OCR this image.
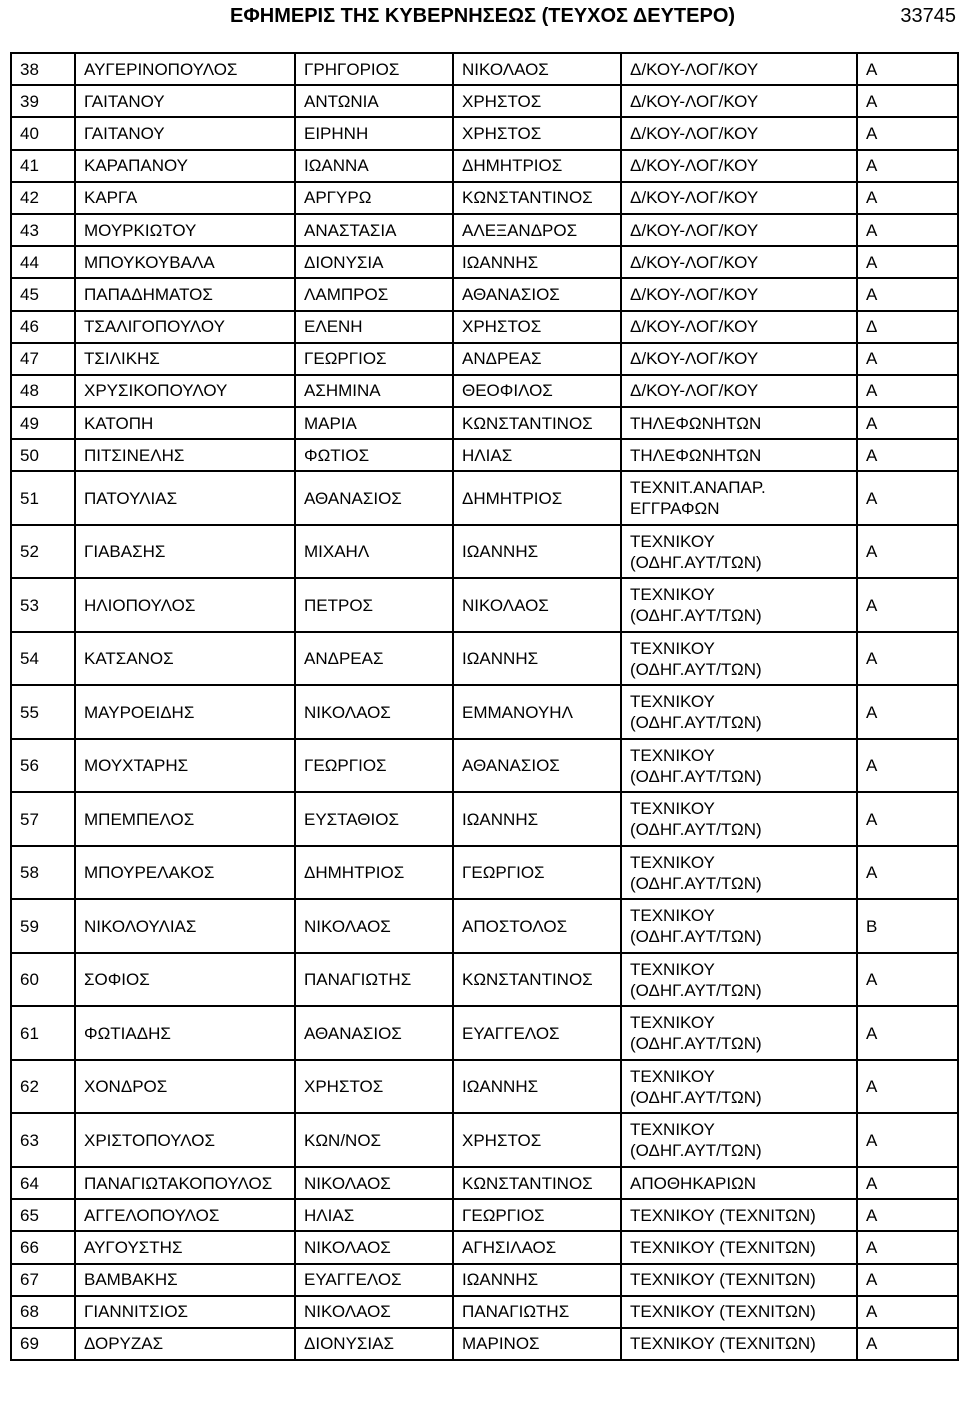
ΕΦΗΜΕΡΙΣ ΤΗΣ ΚΥΒΕΡΝΗΣΕΩΣ (ΤΕΥΧΟΣ ΔΕΥΤΕΡΟ)	33745
38	ΑΥΓΕΡΙΝΟΠΟΥΛΟΣ	ΓΡΗΓΟΡΙΟΣ	ΝΙΚΟΛΑΟΣ	Δ/ΚΟΥ-ΛΟΓ/ΚΟΥ	Α
39	ΓΑΙΤΑΝΟΥ	ΑΝΤΩΝΙΑ	ΧΡΗΣΤΟΣ	Δ/ΚΟΥ-ΛΟΓ/ΚΟΥ	Α
40	ΓΑΙΤΑΝΟΥ	ΕΙΡΗΝΗ	ΧΡΗΣΤΟΣ	Δ/ΚΟΥ-ΛΟΓ/ΚΟΥ	Α
41	ΚΑΡΑΠΑΝΟΥ	ΙΩΑΝΝΑ	ΔΗΜΗΤΡΙΟΣ	Δ/ΚΟΥ-ΛΟΓ/ΚΟΥ	Α
42	ΚΑΡΓΑ	ΑΡΓΥΡΩ	ΚΩΝΣΤΑΝΤΙΝΟΣ	Δ/ΚΟΥ-ΛΟΓ/ΚΟΥ	Α
43	ΜΟΥΡΚΙΩΤΟΥ	ΑΝΑΣΤΑΣΙΑ	ΑΛΕΞΑΝΔΡΟΣ	Δ/ΚΟΥ-ΛΟΓ/ΚΟΥ	Α
44	ΜΠΟΥΚΟΥΒΑΛΑ	ΔΙΟΝΥΣΙΑ	ΙΩΑΝΝΗΣ	Δ/ΚΟΥ-ΛΟΓ/ΚΟΥ	Α
45	ΠΑΠΑΔΗΜΑΤΟΣ	ΛΑΜΠΡΟΣ	ΑΘΑΝΑΣΙΟΣ	Δ/ΚΟΥ-ΛΟΓ/ΚΟΥ	Α
46	ΤΣΑΛΙΓΟΠΟΥΛΟΥ	ΕΛΕΝΗ	ΧΡΗΣΤΟΣ	Δ/ΚΟΥ-ΛΟΓ/ΚΟΥ	Δ
47	ΤΣΙΛΙΚΗΣ	ΓΕΩΡΓΙΟΣ	ΑΝΔΡΕΑΣ	Δ/ΚΟΥ-ΛΟΓ/ΚΟΥ	Α
48	ΧΡΥΣΙΚΟΠΟΥΛΟΥ	ΑΣΗΜΙΝΑ	ΘΕΟΦΙΛΟΣ	Δ/ΚΟΥ-ΛΟΓ/ΚΟΥ	Α
49	ΚΑΤΟΠΗ	ΜΑΡΙΑ	ΚΩΝΣΤΑΝΤΙΝΟΣ	ΤΗΛΕΦΩΝΗΤΩΝ	Α
50	ΠΙΤΣΙΝΕΛΗΣ	ΦΩΤΙΟΣ	ΗΛΙΑΣ	ΤΗΛΕΦΩΝΗΤΩΝ	Α
51	ΠΑΤΟΥΛΙΑΣ	ΑΘΑΝΑΣΙΟΣ	ΔΗΜΗΤΡΙΟΣ	ΤΕΧΝΙΤ.ΑΝΑΠΑΡ.
ΕΓΓΡΑΦΩΝ	Α
52	ΓΙΑΒΑΣΗΣ	ΜΙΧΑΗΛ	ΙΩΑΝΝΗΣ	ΤΕΧΝΙΚΟΥ
(ΟΔΗΓ.ΑΥΤ/ΤΩΝ)	Α
53	ΗΛΙΟΠΟΥΛΟΣ	ΠΕΤΡΟΣ	ΝΙΚΟΛΑΟΣ	ΤΕΧΝΙΚΟΥ
(ΟΔΗΓ.ΑΥΤ/ΤΩΝ)	Α
54	ΚΑΤΣΑΝΟΣ	ΑΝΔΡΕΑΣ	ΙΩΑΝΝΗΣ	ΤΕΧΝΙΚΟΥ
(ΟΔΗΓ.ΑΥΤ/ΤΩΝ)	Α
55	ΜΑΥΡΟΕΙΔΗΣ	ΝΙΚΟΛΑΟΣ	ΕΜΜΑΝΟΥΗΛ	ΤΕΧΝΙΚΟΥ
(ΟΔΗΓ.ΑΥΤ/ΤΩΝ)	Α
56	ΜΟΥΧΤΑΡΗΣ	ΓΕΩΡΓΙΟΣ	ΑΘΑΝΑΣΙΟΣ	ΤΕΧΝΙΚΟΥ
(ΟΔΗΓ.ΑΥΤ/ΤΩΝ)	Α
57	ΜΠΕΜΠΕΛΟΣ	ΕΥΣΤΑΘΙΟΣ	ΙΩΑΝΝΗΣ	ΤΕΧΝΙΚΟΥ
(ΟΔΗΓ.ΑΥΤ/ΤΩΝ)	Α
58	ΜΠΟΥΡΕΛΑΚΟΣ	ΔΗΜΗΤΡΙΟΣ	ΓΕΩΡΓΙΟΣ	ΤΕΧΝΙΚΟΥ
(ΟΔΗΓ.ΑΥΤ/ΤΩΝ)	Α
59	ΝΙΚΟΛΟΥΛΙΑΣ	ΝΙΚΟΛΑΟΣ	ΑΠΟΣΤΟΛΟΣ	ΤΕΧΝΙΚΟΥ
(ΟΔΗΓ.ΑΥΤ/ΤΩΝ)	Β
60	ΣΟΦΙΟΣ	ΠΑΝΑΓΙΩΤΗΣ	ΚΩΝΣΤΑΝΤΙΝΟΣ	ΤΕΧΝΙΚΟΥ
(ΟΔΗΓ.ΑΥΤ/ΤΩΝ)	Α
61	ΦΩΤΙΑΔΗΣ	ΑΘΑΝΑΣΙΟΣ	ΕΥΑΓΓΕΛΟΣ	ΤΕΧΝΙΚΟΥ
(ΟΔΗΓ.ΑΥΤ/ΤΩΝ)	Α
62	ΧΟΝΔΡΟΣ	ΧΡΗΣΤΟΣ	ΙΩΑΝΝΗΣ	ΤΕΧΝΙΚΟΥ
(ΟΔΗΓ.ΑΥΤ/ΤΩΝ)	Α
63	ΧΡΙΣΤΟΠΟΥΛΟΣ	ΚΩΝ/ΝΟΣ	ΧΡΗΣΤΟΣ	ΤΕΧΝΙΚΟΥ
(ΟΔΗΓ.ΑΥΤ/ΤΩΝ)	Α
64	ΠΑΝΑΓΙΩΤΑΚΟΠΟΥΛΟΣ	ΝΙΚΟΛΑΟΣ	ΚΩΝΣΤΑΝΤΙΝΟΣ	ΑΠΟΘΗΚΑΡΙΩΝ	Α
65	ΑΓΓΕΛΟΠΟΥΛΟΣ	ΗΛΙΑΣ	ΓΕΩΡΓΙΟΣ	ΤΕΧΝΙΚΟΥ (ΤΕΧΝΙΤΩΝ)	Α
66	ΑΥΓΟΥΣΤΗΣ	ΝΙΚΟΛΑΟΣ	ΑΓΗΣΙΛΑΟΣ	ΤΕΧΝΙΚΟΥ (ΤΕΧΝΙΤΩΝ)	Α
67	ΒΑΜΒΑΚΗΣ	ΕΥΑΓΓΕΛΟΣ	ΙΩΑΝΝΗΣ	ΤΕΧΝΙΚΟΥ (ΤΕΧΝΙΤΩΝ)	Α
68	ΓΙΑΝΝΙΤΣΙΟΣ	ΝΙΚΟΛΑΟΣ	ΠΑΝΑΓΙΩΤΗΣ	ΤΕΧΝΙΚΟΥ (ΤΕΧΝΙΤΩΝ)	Α
69	ΔΟΡΥΖΑΣ	ΔΙΟΝΥΣΙΑΣ	ΜΑΡΙΝΟΣ	ΤΕΧΝΙΚΟΥ (ΤΕΧΝΙΤΩΝ)	Α
